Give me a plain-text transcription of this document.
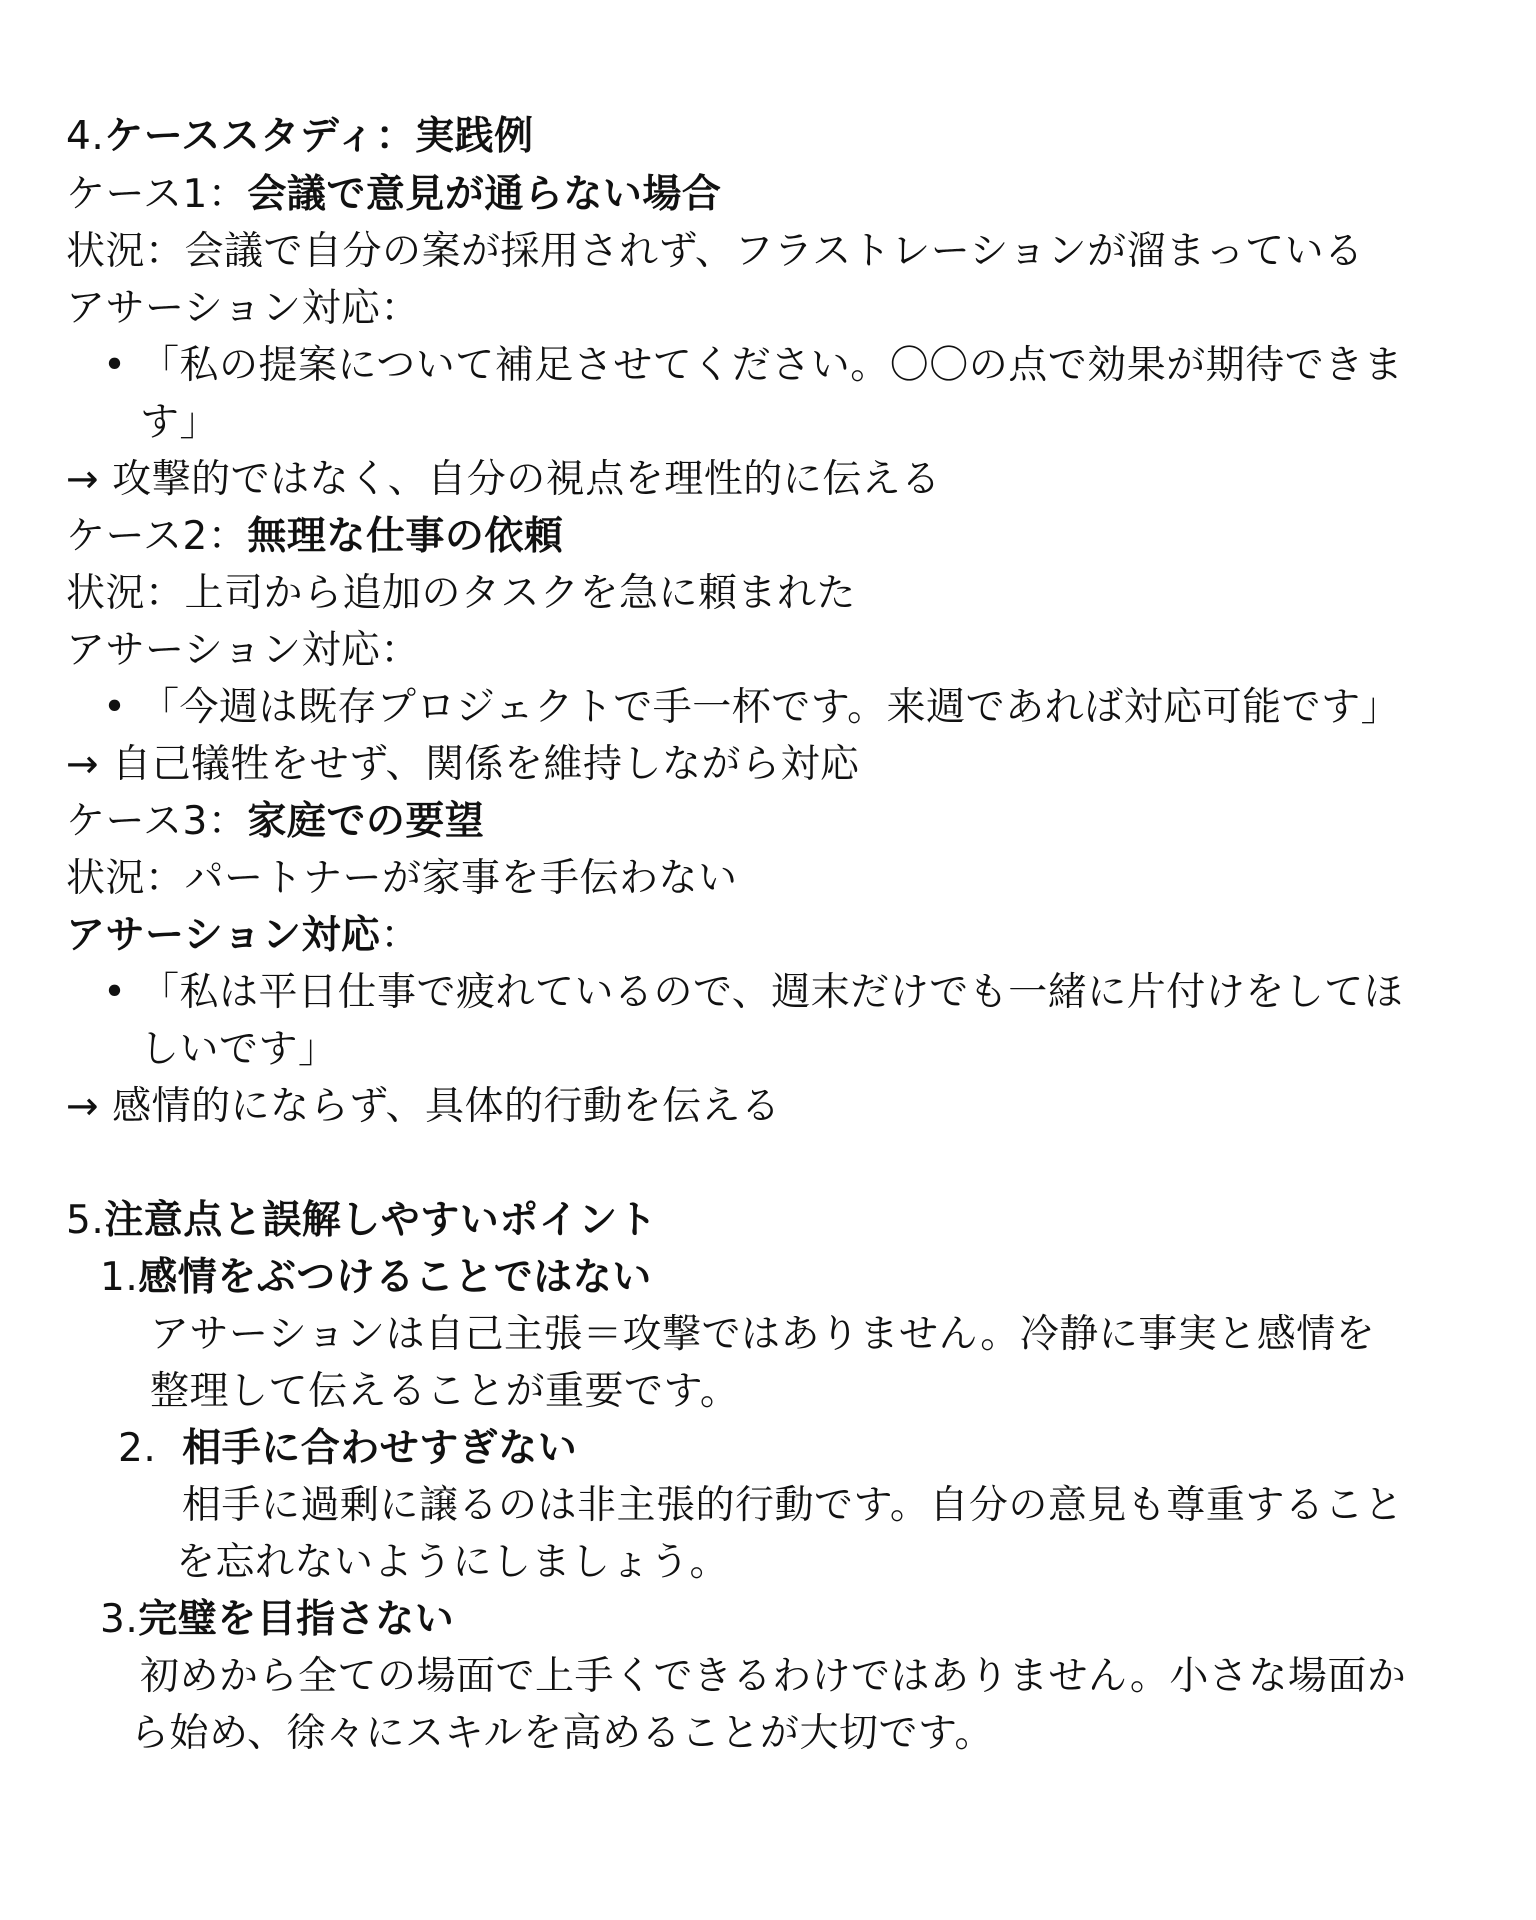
4.ケーススタディ：実践例
ケース1：会議で意見が通らない場合
状況：会議で自分の案が採用されず、フラストレーションが溜まっている
アサーション対応：
• 「私の提案について補足させてください。〇〇の点で効果が期待できま
す」
→ 攻撃的ではなく、自分の視点を理性的に伝える
ケース2：無理な仕事の依頼
状況：上司から追加のタスクを急に頼まれた
アサーション対応：
• 「今週は既存プロジェクトで手一杯です。来週であれば対応可能です」
→ 自己犠牲をせず、関係を維持しながら対応
ケース3：家庭での要望
状況：パートナーが家事を手伝わない
アサーション対応：
• 「私は平日仕事で疲れているので、週末だけでも一緒に片付けをしてほ
しいです」
→ 感情的にならず、具体的行動を伝える
5.注意点と誤解しやすいポイント
1.感情をぶつけることではない
アサーションは自己主張＝攻撃ではありません。冷静に事実と感情を
整理して伝えることが重要です。
2. 相手に合わせすぎない
相手に過剰に譲るのは非主張的行動です。自分の意見も尊重すること
を忘れないようにしましょう。
3.完璧を目指さない
初めから全ての場面で上手くできるわけではありません。小さな場面か
ら始め、徐々にスキルを高めることが大切です。
